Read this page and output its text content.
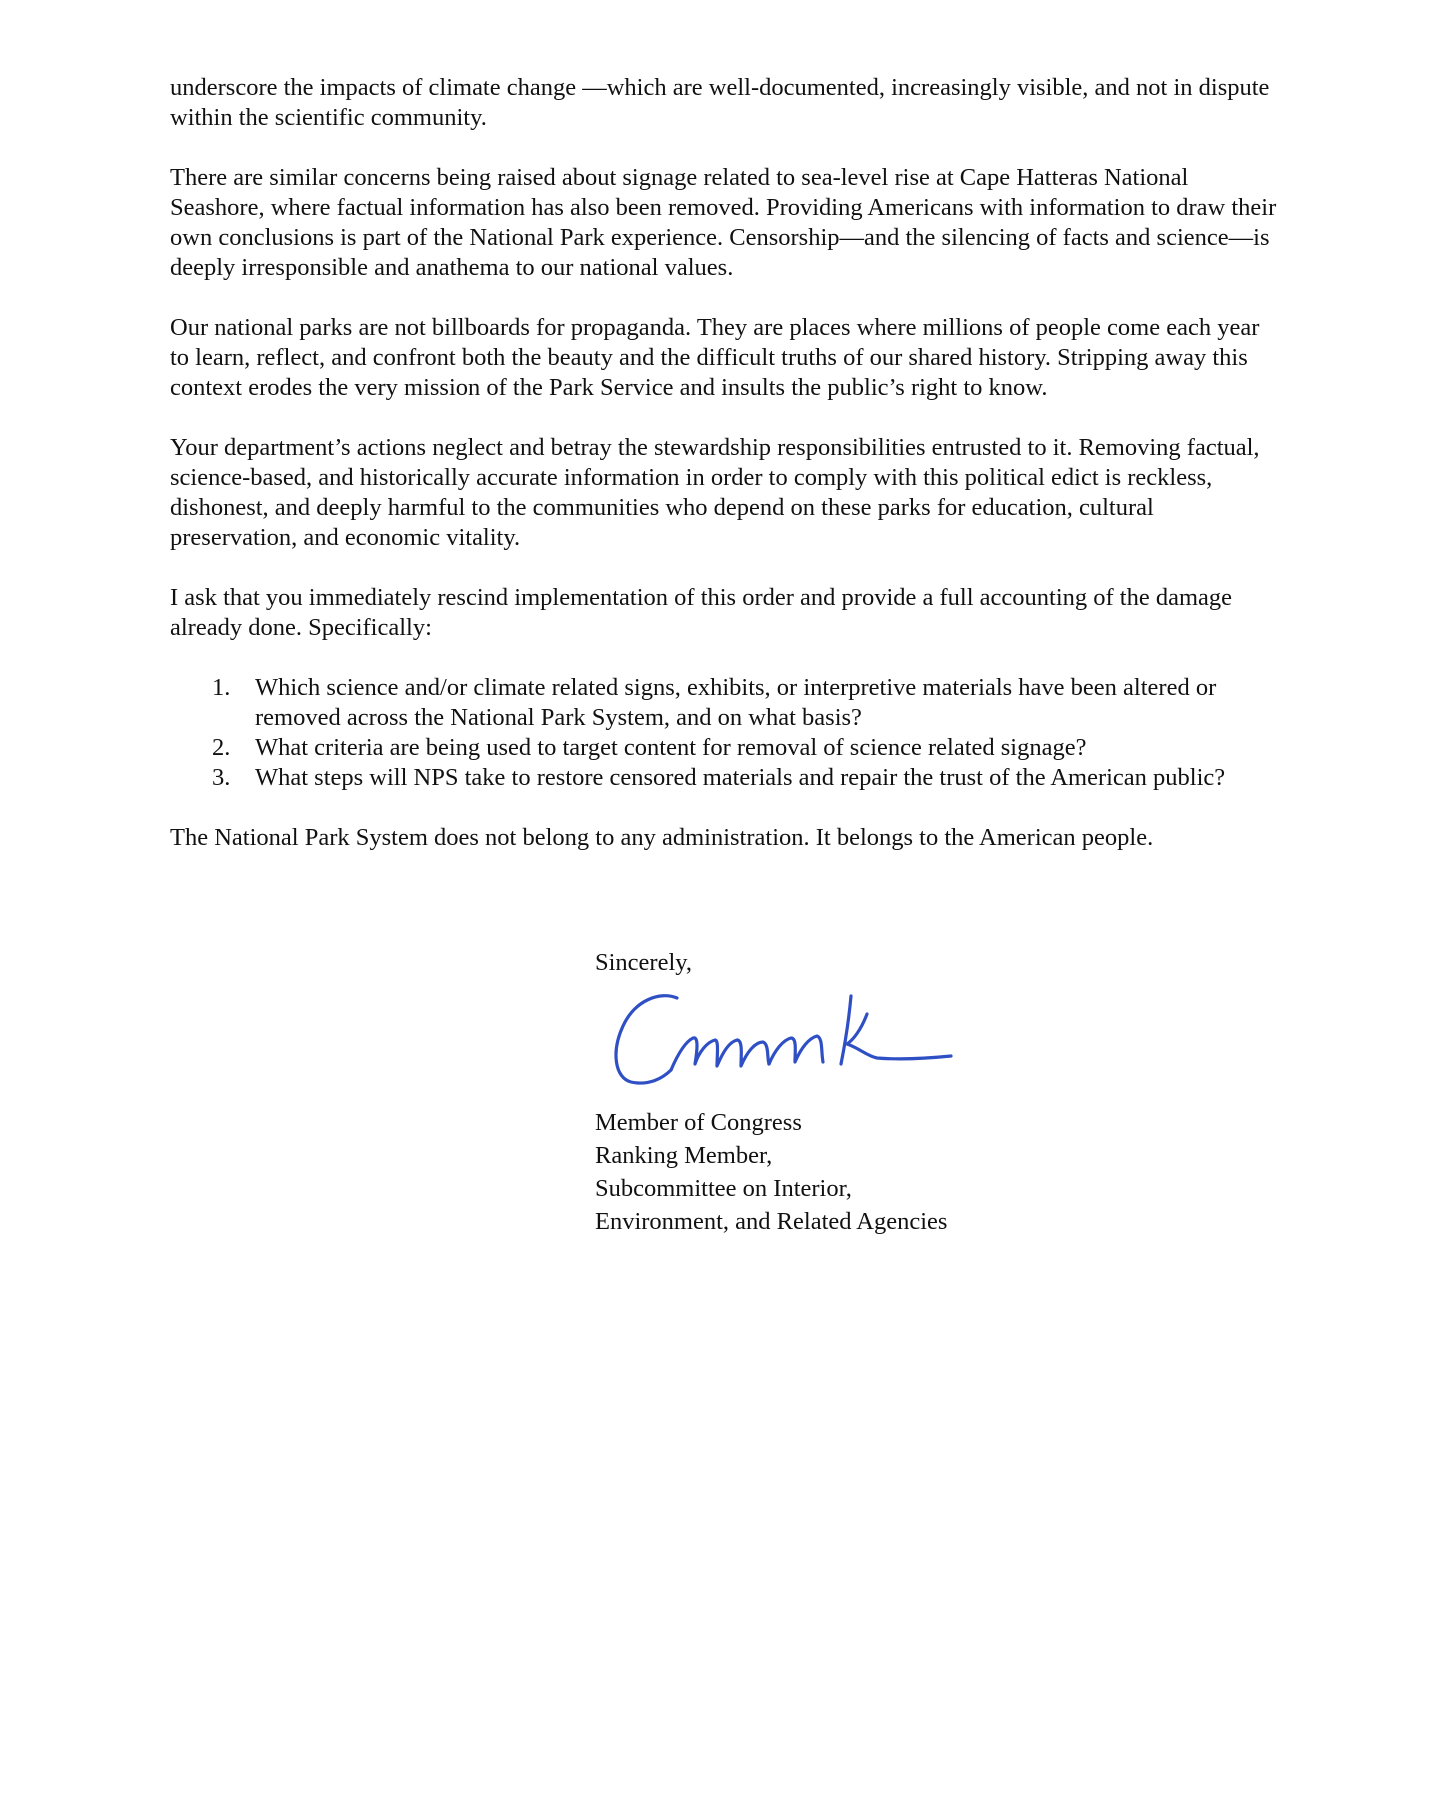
underscore the impacts of climate change —which are well-documented, increasingly visible, and not in dispute within the scientific community.

There are similar concerns being raised about signage related to sea-level rise at Cape Hatteras National Seashore, where factual information has also been removed. Providing Americans with information to draw their own conclusions is part of the National Park experience. Censorship—and the silencing of facts and science—is deeply irresponsible and anathema to our national values.

Our national parks are not billboards for propaganda. They are places where millions of people come each year to learn, reflect, and confront both the beauty and the difficult truths of our shared history. Stripping away this context erodes the very mission of the Park Service and insults the public’s right to know.

Your department’s actions neglect and betray the stewardship responsibilities entrusted to it. Removing factual, science-based, and historically accurate information in order to comply with this political edict is reckless, dishonest, and deeply harmful to the communities who depend on these parks for education, cultural preservation, and economic vitality.

I ask that you immediately rescind implementation of this order and provide a full accounting of the damage already done. Specifically:

1. Which science and/or climate related signs, exhibits, or interpretive materials have been altered or removed across the National Park System, and on what basis?
2. What criteria are being used to target content for removal of science related signage?
3. What steps will NPS take to restore censored materials and repair the trust of the American public?

The National Park System does not belong to any administration. It belongs to the American people.

Sincerely,

Member of Congress

Ranking Member,

Subcommittee on Interior,

Environment, and Related Agencies
